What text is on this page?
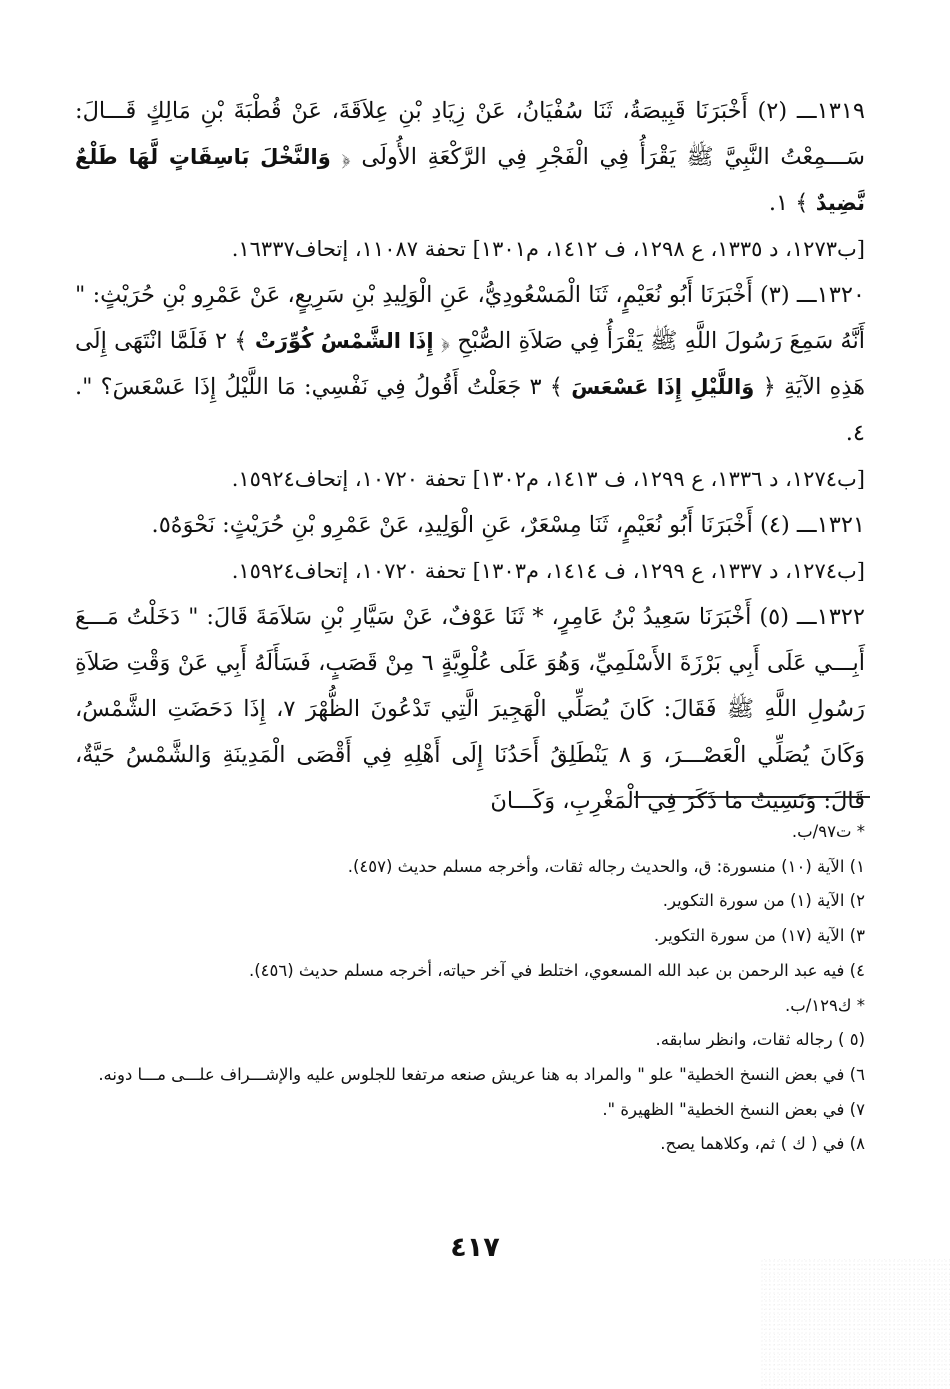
١٣١٩ـــ (٢) أَخْبَرَنَا قَبِيصَةُ، ثَنَا سُفْيَانُ، عَنْ زِيَادِ بْنِ عِلاَقَةَ، عَنْ قُطْبَةَ بْنِ مَالِكٍ قَـــالَ: سَـــمِعْتُ النَّبِيَّ ﷺ يَقْرَأُ فِي الْفَجْرِ فِي الرَّكْعَةِ الأُولَى ﴿ وَالنَّخْلَ بَاسِقَاتٍ لَّهَا طَلْعٌ نَّضِيدٌ ﴾ ١.

[ب١٢٧٣، د ١٣٣٥، ع ١٢٩٨، ف ١٤١٢، م١٣٠١] تحفة ١١٠٨٧، إتحاف١٦٣٣٧.

١٣٢٠ـــ (٣) أَخْبَرَنَا أَبُو نُعَيْمٍ، ثَنَا الْمَسْعُودِيُّ، عَنِ الْوَلِيدِ بْنِ سَرِيعٍ، عَنْ عَمْرِو بْنِ حُرَيْثٍ: " أَنَّهُ سَمِعَ رَسُولَ اللَّهِ ﷺ يَقْرَأُ فِي صَلاَةِ الصُّبْحِ ﴿ إِذَا الشَّمْسُ كُوِّرَتْ ﴾ ٢ فَلَمَّا انْتَهَى إِلَى هَذِهِ الآيَةِ ﴿ وَاللَّيْلِ إِذَا عَسْعَسَ ﴾ ٣ جَعَلْتُ أَقُولُ فِي نَفْسِي: مَا اللَّيْلُ إِذَا عَسْعَسَ؟ ". ٤.

[ب١٢٧٤، د ١٣٣٦، ع ١٢٩٩، ف ١٤١٣، م١٣٠٢] تحفة ١٠٧٢٠، إتحاف١٥٩٢٤.

١٣٢١ـــ (٤) أَخْبَرَنَا أَبُو نُعَيْمٍ، ثَنَا مِسْعَرٌ، عَنِ الْوَلِيدِ، عَنْ عَمْرِو بْنِ حُرَيْثٍ: نَحْوَهُ٥.

[ب١٢٧٤، د ١٣٣٧، ع ١٢٩٩، ف ١٤١٤، م١٣٠٣] تحفة ١٠٧٢٠، إتحاف١٥٩٢٤.

١٣٢٢ـــ (٥) أَخْبَرَنَا سَعِيدُ بْنُ عَامِرٍ، * ثَنَا عَوْفٌ، عَنْ سَيَّارِ بْنِ سَلاَمَةَ قَالَ: " دَخَلْتُ مَـــعَ أَبِـــي عَلَى أَبِي بَرْزَةَ الأَسْلَمِيِّ، وَهُوَ عَلَى عُلْوِيَّةٍ ٦ مِنْ قَصَبٍ، فَسَأَلَهُ أَبِي عَنْ وَقْتِ صَلاَةِ رَسُولِ اللَّهِ ﷺ فَقَالَ: كَانَ يُصَلِّي الْهَجِيرَ الَّتِي تَدْعُونَ الظُّهْرَ ٧، إِذَا دَحَضَتِ الشَّمْسُ، وَكَانَ يُصَلِّي الْعَصْـــرَ، وَ ٨ يَنْطَلِقُ أَحَدُنَا إِلَى أَهْلِهِ فِي أَقْصَى الْمَدِينَةِ وَالشَّمْسُ حَيَّةٌ، قَالَ: وَنَسِيتُ مَا ذَكَرَ فِي الْمَغْرِبِ، وَكَـــانَ

* ت٩٧/ب.

١) الآية (١٠) منسورة: ق، والحديث رجاله ثقات، وأخرجه مسلم حديث (٤٥٧).

٢) الآية (١) من سورة التكوير.

٣) الآية (١٧) من سورة التكوير.

٤) فيه عبد الرحمن بن عبد الله المسعوي، اختلط في آخر حياته، أخرجه مسلم حديث (٤٥٦).

* ك١٢٩/ب.

(٥ ) رجاله ثقات، وانظر سابقه.

٦) في بعض النسخ الخطية" علو " والمراد به هنا عريش صنعه مرتفعا للجلوس عليه والإشـــراف علـــى مـــا دونه.

٧) في بعض النسخ الخطية" الظهيرة ".

٨) في ( ك ) ثم، وكلاهما يصح.

٤١٧
